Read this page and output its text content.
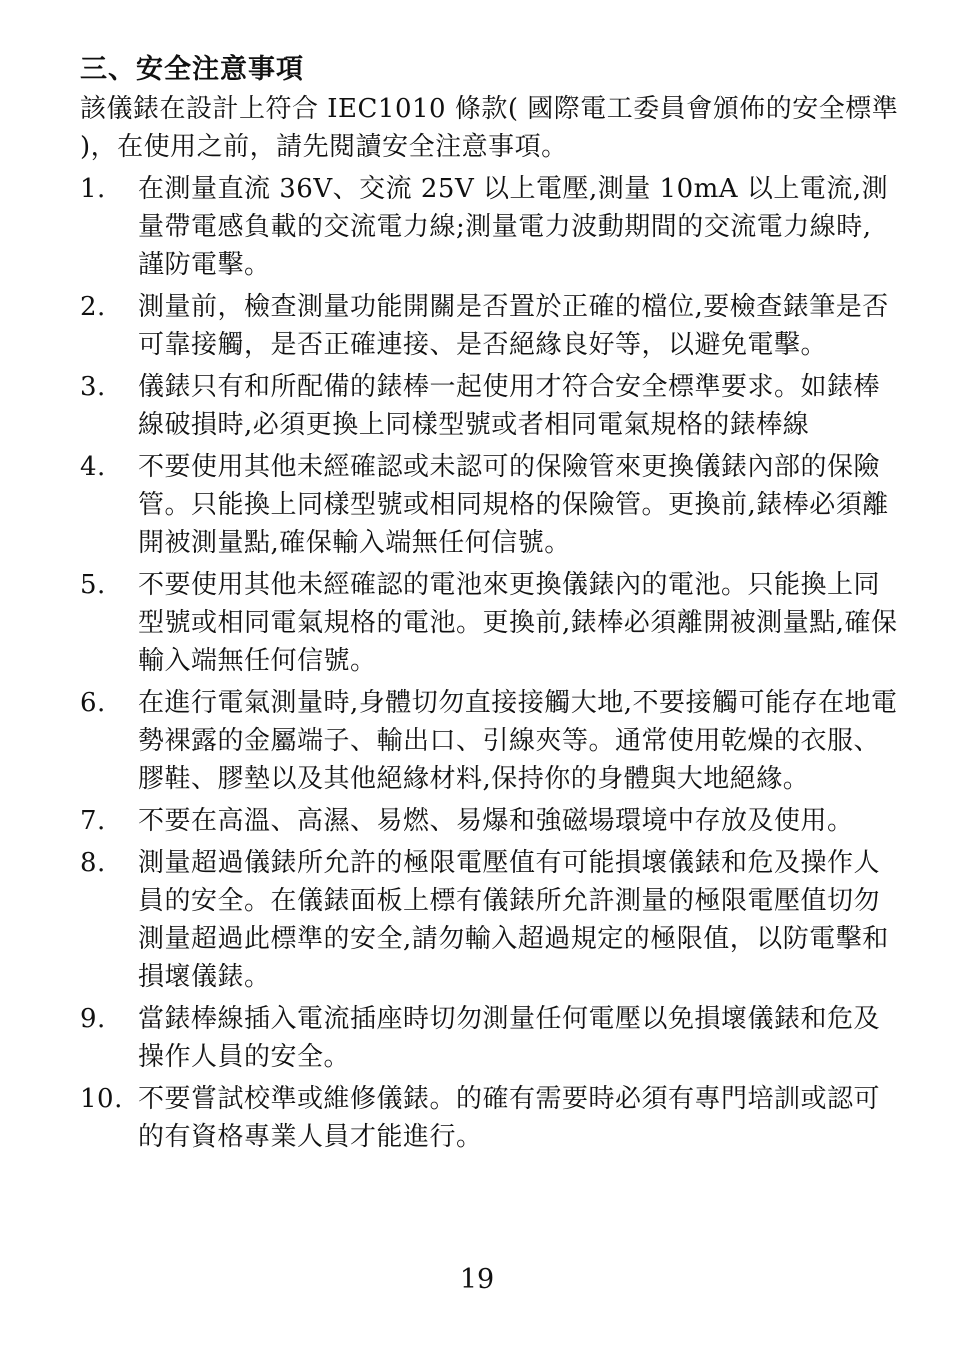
三、安全注意事項

該儀錶在設計上符合 IEC1010 條款( 國際電工委員會頒佈的安全標準 )，在使用之前，請先閱讀安全注意事項。

1.	在測量直流 36V、交流 25V 以上電壓,測量 10mA 以上電流,測量帶電感負載的交流電力線;測量電力波動期間的交流電力線時, 謹防電擊。
2.	測量前，檢查測量功能開關是否置於正確的檔位,要檢查錶筆是否可靠接觸，是否正確連接、是否絕緣良好等，以避免電擊。
3.	儀錶只有和所配備的錶棒一起使用才符合安全標準要求。如錶棒線破損時,必須更換上同樣型號或者相同電氣規格的錶棒線
4.	不要使用其他未經確認或未認可的保險管來更換儀錶內部的保險管。只能換上同樣型號或相同規格的保險管。更換前,錶棒必須離開被測量點,確保輸入端無任何信號。
5.	不要使用其他未經確認的電池來更換儀錶內的電池。只能換上同型號或相同電氣規格的電池。更換前,錶棒必須離開被測量點,確保輸入端無任何信號。
6.	在進行電氣測量時,身體切勿直接接觸大地,不要接觸可能存在地電勢裸露的金屬端子、輸出口、引線夾等。通常使用乾燥的衣服、膠鞋、膠墊以及其他絕緣材料,保持你的身體與大地絕緣。
7.	不要在高溫、高濕、易燃、易爆和強磁場環境中存放及使用。
8.	測量超過儀錶所允許的極限電壓值有可能損壞儀錶和危及操作人員的安全。在儀錶面板上標有儀錶所允許測量的極限電壓值切勿測量超過此標準的安全,請勿輸入超過規定的極限值，以防電擊和損壞儀錶。
9.	當錶棒線插入電流插座時切勿測量任何電壓以免損壞儀錶和危及操作人員的安全。
10. 不要嘗試校準或維修儀錶。的確有需要時必須有專門培訓或認可的有資格專業人員才能進行。
19
